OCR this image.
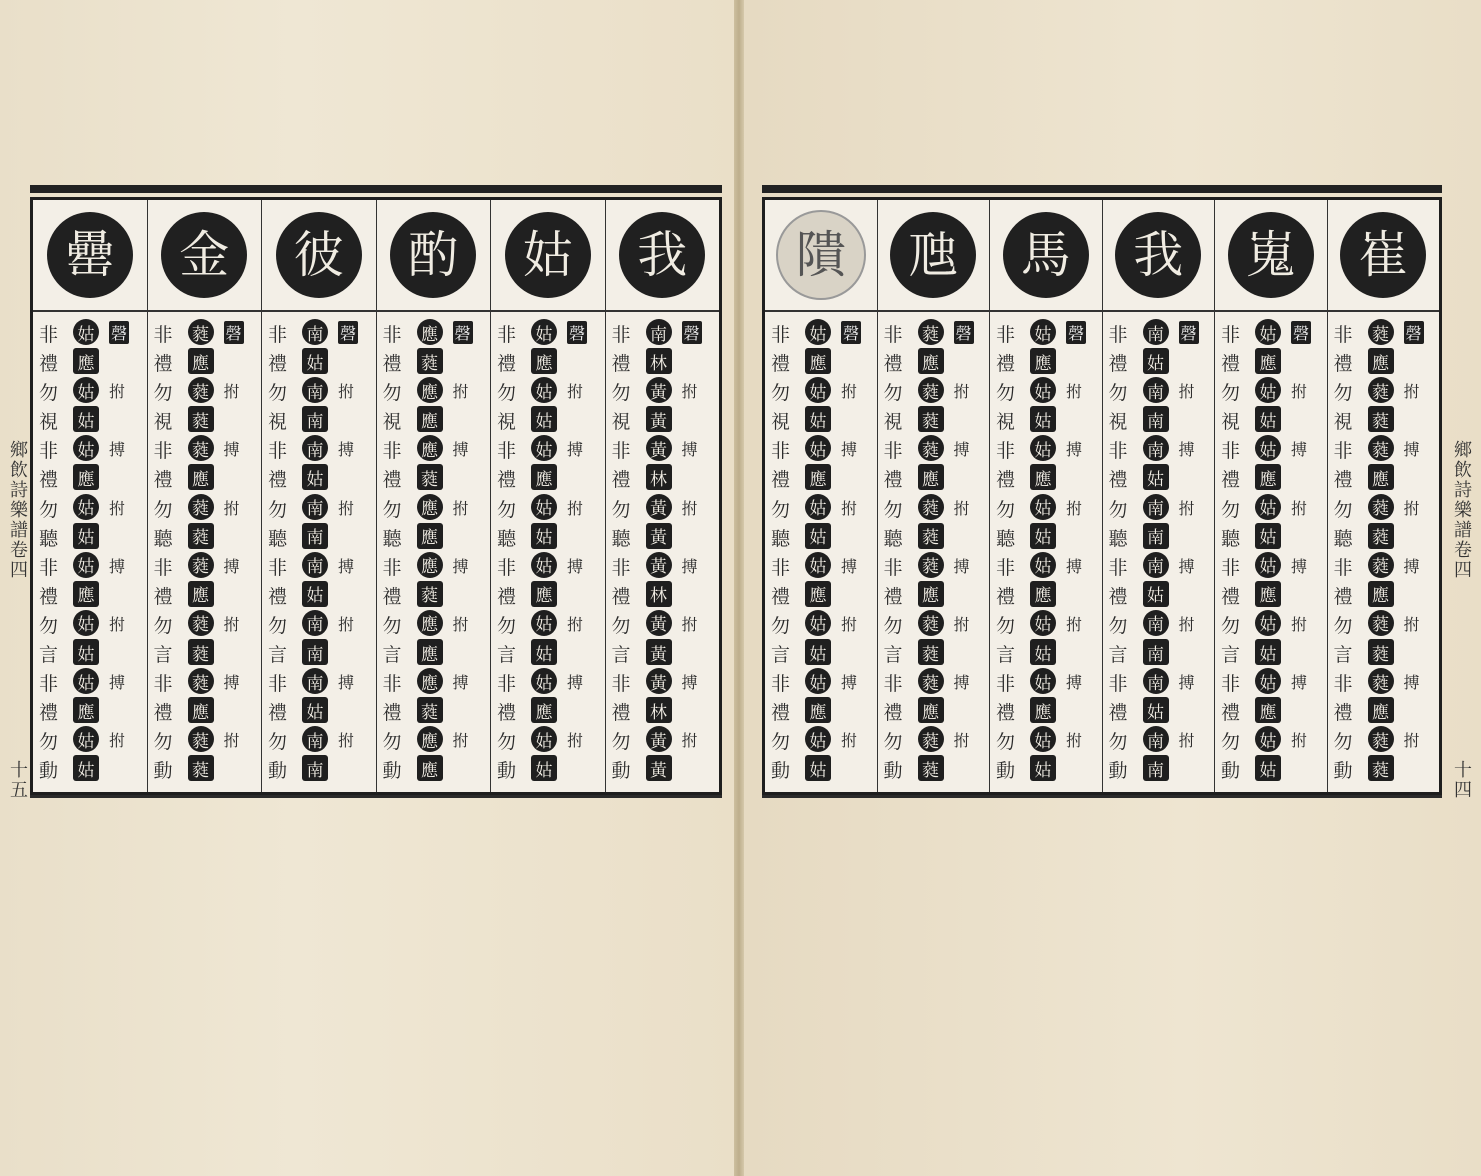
罍
非 姑 磬
禮 應
勿 姑 拊
視 姑
非 姑 搏
禮 應
勿 姑 拊
聽 姑
非 姑 搏
禮 應
勿 姑 拊
言 姑
非 姑 搏
禮 應
勿 姑 拊
動 姑
金
非 蕤 磬
禮 應
勿 蕤 拊
視 蕤
非 蕤 搏
禮 應
勿 蕤 拊
聽 蕤
非 蕤 搏
禮 應
勿 蕤 拊
言 蕤
非 蕤 搏
禮 應
勿 蕤 拊
動 蕤
彼
非 南 磬
禮 姑
勿 南 拊
視 南
非 南 搏
禮 姑
勿 南 拊
聽 南
非 南 搏
禮 姑
勿 南 拊
言 南
非 南 搏
禮 姑
勿 南 拊
動 南
酌
非 應 磬
禮 蕤
勿 應 拊
視 應
非 應 搏
禮 蕤
勿 應 拊
聽 應
非 應 搏
禮 蕤
勿 應 拊
言 應
非 應 搏
禮 蕤
勿 應 拊
動 應
姑
非 姑 磬
禮 應
勿 姑 拊
視 姑
非 姑 搏
禮 應
勿 姑 拊
聽 姑
非 姑 搏
禮 應
勿 姑 拊
言 姑
非 姑 搏
禮 應
勿 姑 拊
動 姑
我
非 南 磬
禮 林
勿 黃 拊
視 黃
非 黃 搏
禮 林
勿 黃 拊
聽 黃
非 黃 搏
禮 林
勿 黃 拊
言 黃
非 黃 搏
禮 林
勿 黃 拊
動 黃
隤
非 姑 磬
禮 應
勿 姑 拊
視 姑
非 姑 搏
禮 應
勿 姑 拊
聽 姑
非 姑 搏
禮 應
勿 姑 拊
言 姑
非 姑 搏
禮 應
勿 姑 拊
動 姑
虺
非 蕤 磬
禮 應
勿 蕤 拊
視 蕤
非 蕤 搏
禮 應
勿 蕤 拊
聽 蕤
非 蕤 搏
禮 應
勿 蕤 拊
言 蕤
非 蕤 搏
禮 應
勿 蕤 拊
動 蕤
馬
非 姑 磬
禮 應
勿 姑 拊
視 姑
非 姑 搏
禮 應
勿 姑 拊
聽 姑
非 姑 搏
禮 應
勿 姑 拊
言 姑
非 姑 搏
禮 應
勿 姑 拊
動 姑
我
非 南 磬
禮 姑
勿 南 拊
視 南
非 南 搏
禮 姑
勿 南 拊
聽 南
非 南 搏
禮 姑
勿 南 拊
言 南
非 南 搏
禮 姑
勿 南 拊
動 南
嵬
非 姑 磬
禮 應
勿 姑 拊
視 姑
非 姑 搏
禮 應
勿 姑 拊
聽 姑
非 姑 搏
禮 應
勿 姑 拊
言 姑
非 姑 搏
禮 應
勿 姑 拊
動 姑
崔
非 蕤 磬
禮 應
勿 蕤 拊
視 蕤
非 蕤 搏
禮 應
勿 蕤 拊
聽 蕤
非 蕤 搏
禮 應
勿 蕤 拊
言 蕤
非 蕤 搏
禮 應
勿 蕤 拊
動 蕤
鄉飲詩樂譜卷四
十五
鄉飲詩樂譜卷四
十四
